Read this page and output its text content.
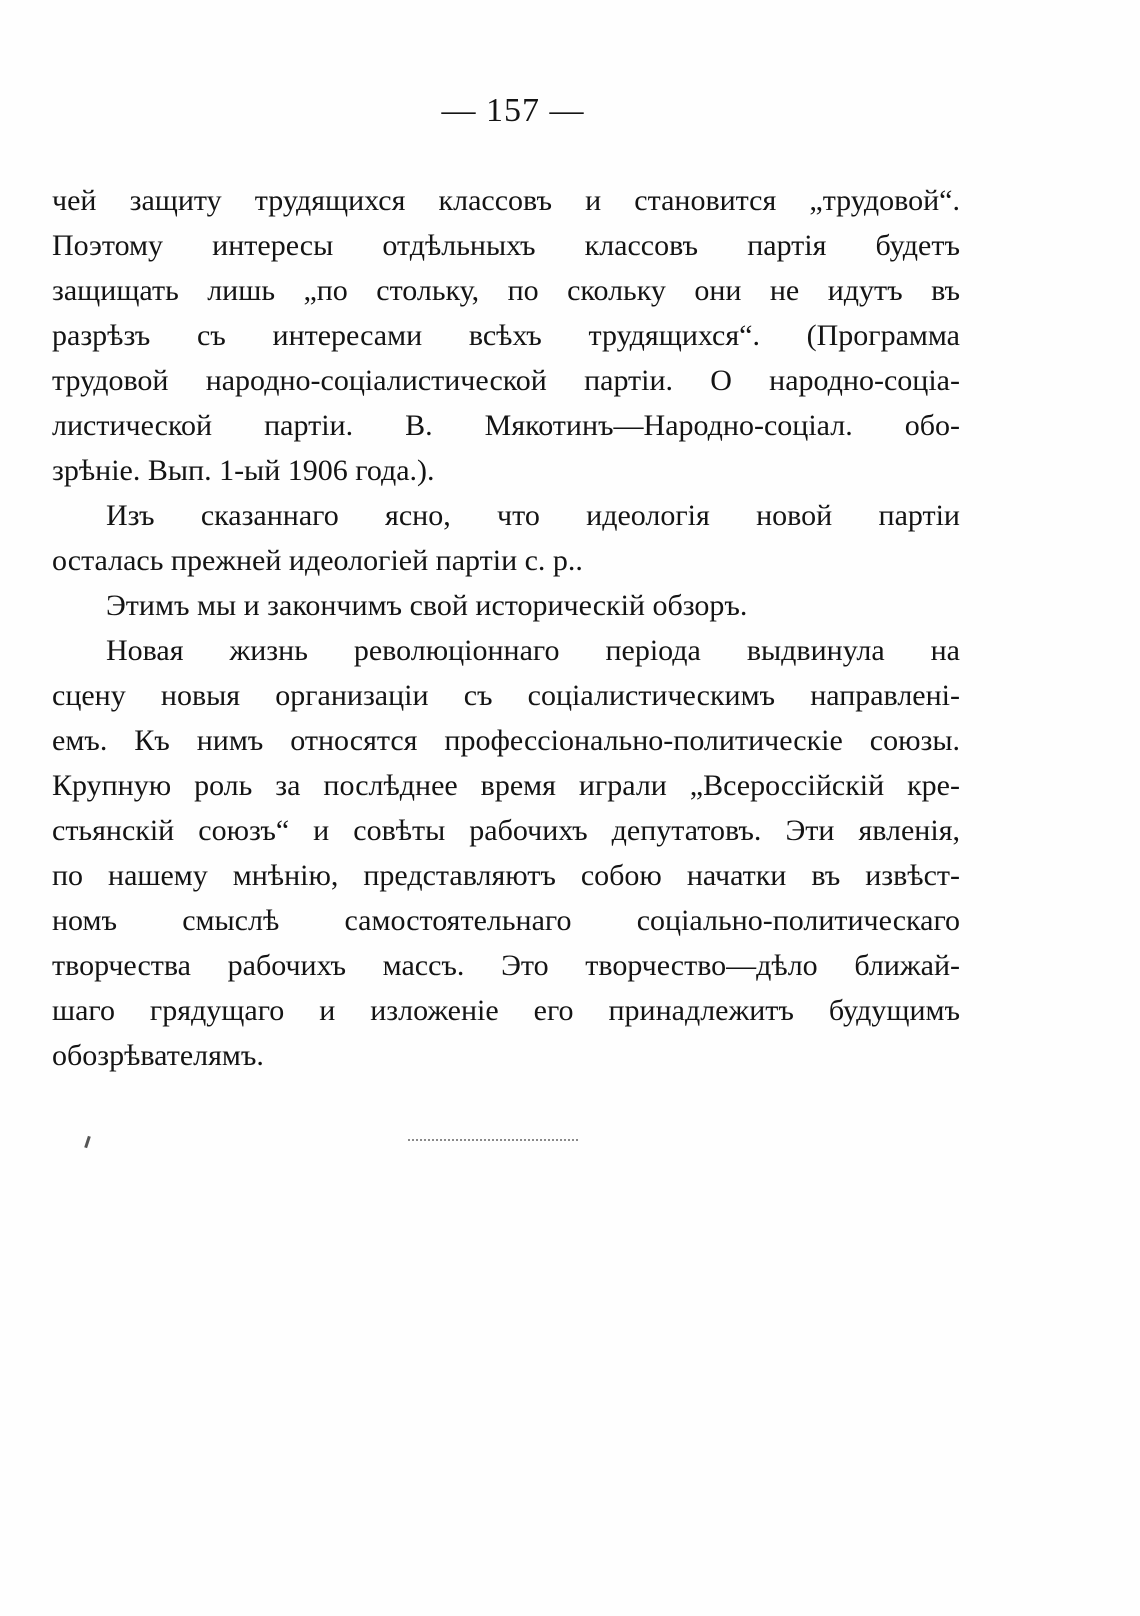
— 157 —
чей защиту трудящихся классовъ и становится „трудовой“.
Поэтому интересы отдѣльныхъ классовъ партія будетъ
защищать лишь „по стольку, по скольку они не идутъ въ
разрѣзъ съ интересами всѣхъ трудящихся“. (Программа
трудовой народно-соціалистической партіи. О народно-соціа-
листической партіи. В. Мякотинъ—Народно-соціал. обо-
зрѣніе. Вып. 1-ый 1906 года.).
Изъ сказаннаго ясно, что идеологія новой партіи
осталась прежней идеологіей партіи с. р..
Этимъ мы и закончимъ свой историческій обзоръ.
Новая жизнь революціоннаго періода выдвинула на
сцену новыя организаціи съ соціалистическимъ направлені-
емъ. Къ нимъ относятся профессіонально-политическіе союзы.
Крупную роль за послѣднее время играли „Всероссійскій кре-
стьянскій союзъ“ и совѣты рабочихъ депутатовъ. Эти явленія,
по нашему мнѣнію, представляютъ собою начатки въ извѣст-
номъ смыслѣ самостоятельнаго соціально-политическаго
творчества рабочихъ массъ. Это творчество—дѣло ближай-
шаго грядущаго и изложеніе его принадлежитъ будущимъ
обозрѣвателямъ.
